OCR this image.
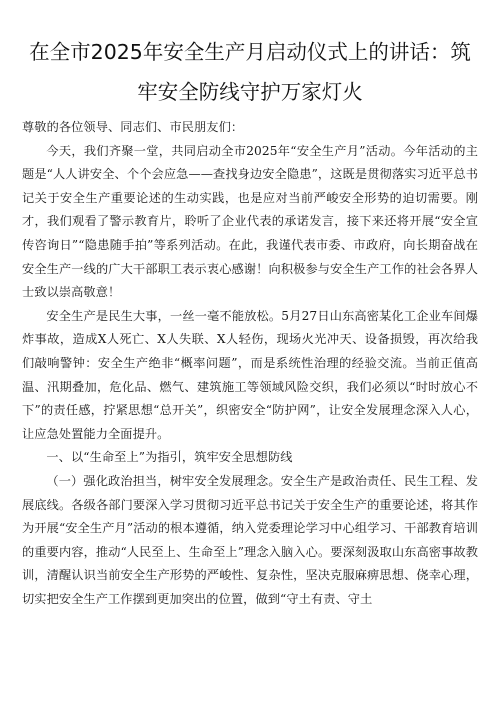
在全市2025年安全生产月启动仪式上的讲话：筑牢安全防线守护万家灯火

尊敬的各位领导、同志们、市民朋友们：

今天，我们齐聚一堂，共同启动全市2025年“安全生产月”活动。今年活动的主题是“人人讲安全、个个会应急——查找身边安全隐患”，这既是贯彻落实习近平总书记关于安全生产重要论述的生动实践，也是应对当前严峻安全形势的迫切需要。刚才，我们观看了警示教育片，聆听了企业代表的承诺发言，接下来还将开展“安全宣传咨询日”“隐患随手拍”等系列活动。在此，我谨代表市委、市政府，向长期奋战在安全生产一线的广大干部职工表示衷心感谢！向积极参与安全生产工作的社会各界人士致以崇高敬意！

安全生产是民生大事，一丝一毫不能放松。5月27日山东高密某化工企业车间爆炸事故，造成X人死亡、X人失联、X人轻伤，现场火光冲天、设备损毁，再次给我们敲响警钟：安全生产绝非“概率问题”，而是系统性治理的经验交流。当前正值高温、汛期叠加，危化品、燃气、建筑施工等领域风险交织，我们必须以“时时放心不下”的责任感，拧紧思想“总开关”，织密安全“防护网”，让安全发展理念深入人心，让应急处置能力全面提升。

一、以“生命至上”为指引，筑牢安全思想防线

（一）强化政治担当，树牢安全发展理念。安全生产是政治责任、民生工程、发展底线。各级各部门要深入学习贯彻习近平总书记关于安全生产的重要论述，将其作为开展“安全生产月”活动的根本遵循，纳入党委理论学习中心组学习、干部教育培训的重要内容，推动“人民至上、生命至上”理念入脑入心。要深刻汲取山东高密事故教训，清醒认识当前安全生产形势的严峻性、复杂性，坚决克服麻痹思想、侥幸心理，切实把安全生产工作摆到更加突出的位置，做到“守土有责、守土
